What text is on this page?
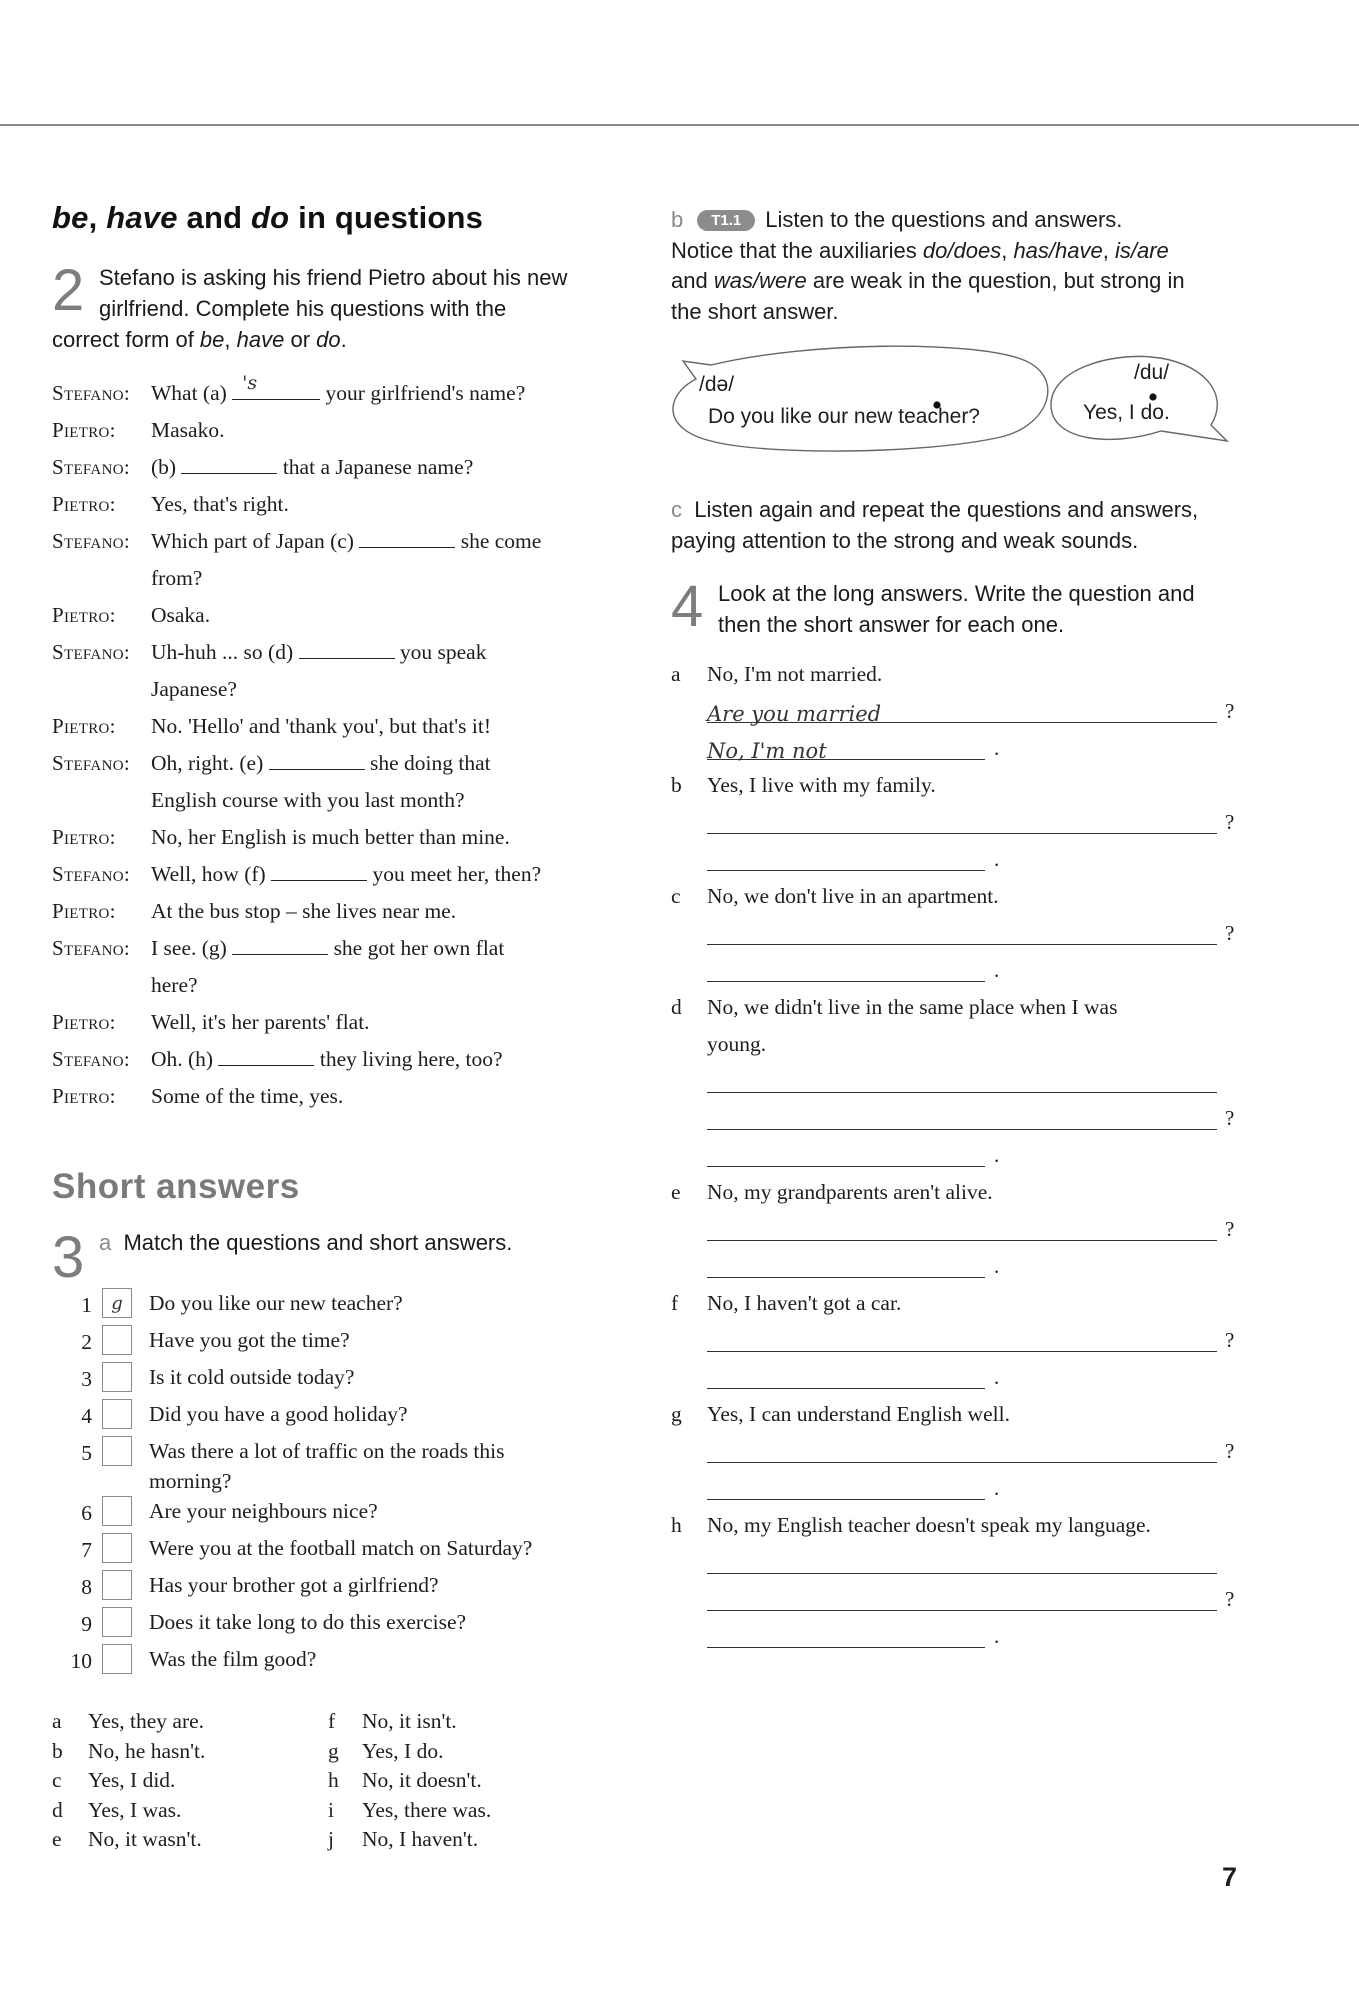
be, have and do in questions
2 Stefano is asking his friend Pietro about his new
girlfriend. Complete his questions with the
correct form of be, have or do.
Stefano: What (a) 's	your girlfriend's name?
Pietro:	Masako.
Stefano: (b)	that a Japanese name?
Pietro:	Yes, that's right.
Stefano: Which part of Japan (c)	she come
from?
Pietro:	Osaka.
Stefano: Uh-huh ... so (d)	you speak
Japanese?
Pietro:	No. 'Hello' and 'thank you', but that's it!
Stefano: Oh, right. (e)	she doing that
English course with you last month?
Pietro:	No, her English is much better than mine.
Stefano: Well, how (f)	you meet her, then?
Pietro:	At the bus stop – she lives near me.
Stefano: I see. (g)	she got her own flat
here?
Pietro:	Well, it's her parents' flat.
Stefano: Oh. (h)	they living here, too?
Pietro:	Some of the time, yes.
Short answers
3 a Match the questions and short answers.
1	g	Do you like our new teacher?
2	Have you got the time?
3	Is it cold outside today?
4	Did you have a good holiday?
5	Was there a lot of traffic on the roads this
morning?
6	Are your neighbours nice?
7	Were you at the football match on Saturday?
8	Has your brother got a girlfriend?
9	Does it take long to do this exercise?
10	Was the film good?
a	Yes, they are.	f	No, it isn't.
b	No, he hasn't.	g	Yes, I do.
c	Yes, I did.	h	No, it doesn't.
d	Yes, I was.	i	Yes, there was.
e	No, it wasn't.	j	No, I haven't.
b T1.1 Listen to the questions and answers.
Notice that the auxiliaries do/does, has/have, is/are
and was/were are weak in the question, but strong in
the short answer.
/də/
Do you like our new teacher?
/du/
Yes, I do.
c Listen again and repeat the questions and answers,
paying attention to the strong and weak sounds.
4 Look at the long answers. Write the question and
then the short answer for each one.
a No, I'm not married.
Are you married	?
No, I'm not	.
b Yes, I live with my family.
?
.
c No, we don't live in an apartment.
?
.
d No, we didn't live in the same place when I was
young.
?
.
e No, my grandparents aren't alive.
?
.
f No, I haven't got a car.
?
.
g Yes, I can understand English well.
?
.
h No, my English teacher doesn't speak my language.
?
.
7
